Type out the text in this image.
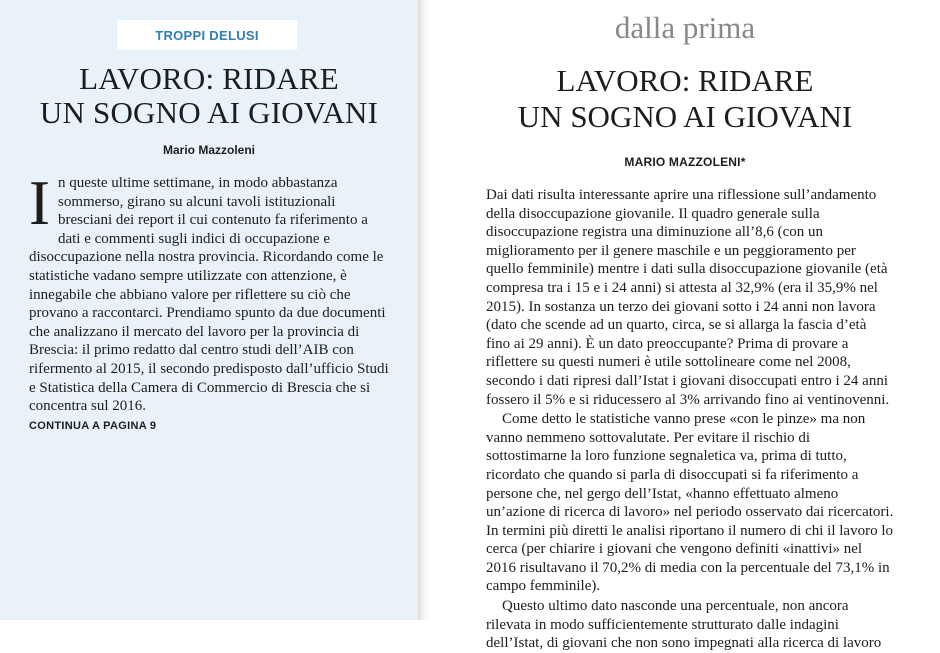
TROPPI DELUSI
LAVORO: RIDARE
UN SOGNO AI GIOVANI
Mario Mazzoleni
In queste ultime settimane, in modo abbastanza sommerso, girano su alcuni tavoli istituzionali bresciani dei report il cui contenuto fa riferimento a dati e commenti sugli indici di occupazione e disoccupazione nella nostra provincia. Ricordando come le statistiche vadano sempre utilizzate con attenzione, è innegabile che abbiano valore per riflettere su ciò che provano a raccontarci. Prendiamo spunto da due documenti che analizzano il mercato del lavoro per la provincia di Brescia: il primo redatto dal centro studi dell’AIB con rifermento al 2015, il secondo predisposto dall’ufficio Studi e Statistica della Camera di Commercio di Brescia che si concentra sul 2016.
CONTINUA A PAGINA 9
dalla prima
LAVORO: RIDARE
UN SOGNO AI GIOVANI
MARIO MAZZOLENI*

Dai dati risulta interessante aprire una riflessione sull’andamento della disoccupazione giovanile. Il quadro generale sulla disoccupazione registra una diminuzione all’8,6 (con un miglioramento per il genere maschile e un peggioramento per quello femminile) mentre i dati sulla disoccupazione giovanile (età compresa tra i 15 e i 24 anni) si attesta al 32,9% (era il 35,9% nel 2015). In sostanza un terzo dei giovani sotto i 24 anni non lavora (dato che scende ad un quarto, circa, se si allarga la fascia d’età fino ai 29 anni). È un dato preoccupante? Prima di provare a riflettere su questi numeri è utile sottolineare come nel 2008, secondo i dati ripresi dall’Istat i giovani disoccupati entro i 24 anni fossero il 5% e si riducessero al 3% arrivando fino ai ventinovenni.

Come detto le statistiche vanno prese «con le pinze» ma non vanno nemmeno sottovalutate. Per evitare il rischio di sottostimarne la loro funzione segnaletica va, prima di tutto, ricordato che quando si parla di disoccupati si fa riferimento a persone che, nel gergo dell’Istat, «hanno effettuato almeno un’azione di ricerca di lavoro» nel periodo osservato dai ricercatori. In termini più diretti le analisi riportano il numero di chi il lavoro lo cerca (per chiarire i giovani che vengono definiti «inattivi» nel 2016 risultavano il 70,2% di media con la percentuale del 73,1% in campo femminile).

Questo ultimo dato nasconde una percentuale, non ancora rilevata in modo sufficientemente strutturato dalle indagini dell’Istat, di giovani che non sono impegnati alla ricerca di lavoro
